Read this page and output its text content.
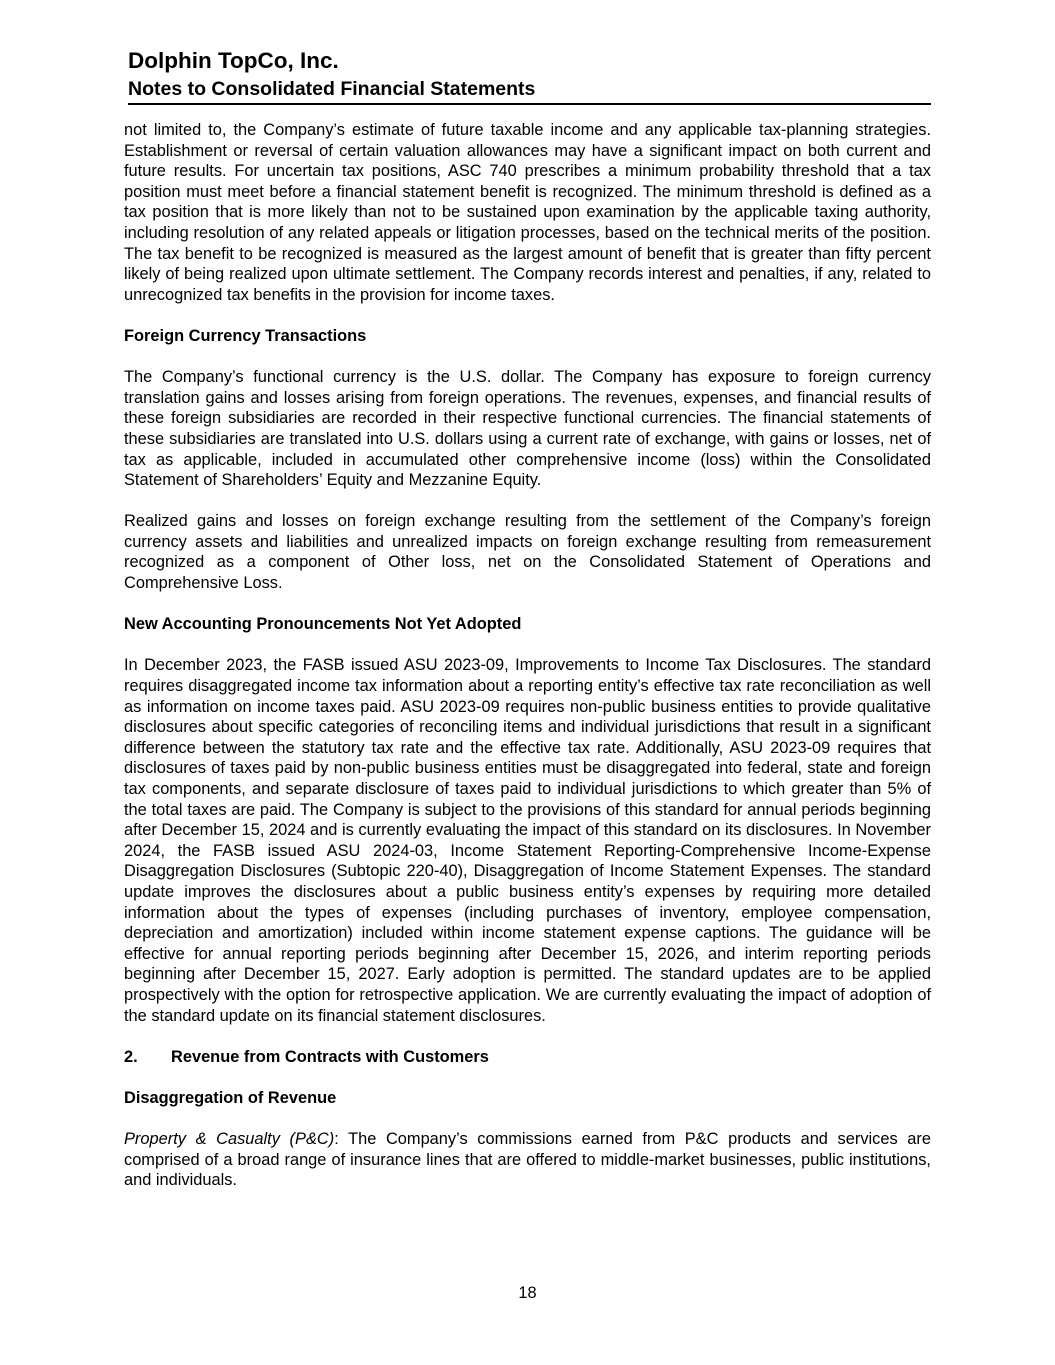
Dolphin TopCo, Inc.

Notes to Consolidated Financial Statements

not limited to, the Company’s estimate of future taxable income and any applicable tax-planning strategies. Establishment or reversal of certain valuation allowances may have a significant impact on both current and future results. For uncertain tax positions, ASC 740 prescribes a minimum probability threshold that a tax position must meet before a financial statement benefit is recognized. The minimum threshold is defined as a tax position that is more likely than not to be sustained upon examination by the applicable taxing authority, including resolution of any related appeals or litigation processes, based on the technical merits of the position. The tax benefit to be recognized is measured as the largest amount of benefit that is greater than fifty percent likely of being realized upon ultimate settlement. The Company records interest and penalties, if any, related to unrecognized tax benefits in the provision for income taxes.

Foreign Currency Transactions

The Company’s functional currency is the U.S. dollar. The Company has exposure to foreign currency translation gains and losses arising from foreign operations. The revenues, expenses, and financial results of these foreign subsidiaries are recorded in their respective functional currencies. The financial statements of these subsidiaries are translated into U.S. dollars using a current rate of exchange, with gains or losses, net of tax as applicable, included in accumulated other comprehensive income (loss) within the Consolidated Statement of Shareholders’ Equity and Mezzanine Equity.

Realized gains and losses on foreign exchange resulting from the settlement of the Company’s foreign currency assets and liabilities and unrealized impacts on foreign exchange resulting from remeasurement recognized as a component of Other loss, net on the Consolidated Statement of Operations and Comprehensive Loss.

New Accounting Pronouncements Not Yet Adopted

In December 2023, the FASB issued ASU 2023-09, Improvements to Income Tax Disclosures. The standard requires disaggregated income tax information about a reporting entity’s effective tax rate reconciliation as well as information on income taxes paid. ASU 2023-09 requires non-public business entities to provide qualitative disclosures about specific categories of reconciling items and individual jurisdictions that result in a significant difference between the statutory tax rate and the effective tax rate. Additionally, ASU 2023-09 requires that disclosures of taxes paid by non-public business entities must be disaggregated into federal, state and foreign tax components, and separate disclosure of taxes paid to individual jurisdictions to which greater than 5% of the total taxes are paid. The Company is subject to the provisions of this standard for annual periods beginning after December 15, 2024 and is currently evaluating the impact of this standard on its disclosures. In November 2024, the FASB issued ASU 2024-03, Income Statement Reporting-Comprehensive Income-Expense Disaggregation Disclosures (Subtopic 220-40), Disaggregation of Income Statement Expenses. The standard update improves the disclosures about a public business entity’s expenses by requiring more detailed information about the types of expenses (including purchases of inventory, employee compensation, depreciation and amortization) included within income statement expense captions. The guidance will be effective for annual reporting periods beginning after December 15, 2026, and interim reporting periods beginning after December 15, 2027. Early adoption is permitted. The standard updates are to be applied prospectively with the option for retrospective application. We are currently evaluating the impact of adoption of the standard update on its financial statement disclosures.

2. Revenue from Contracts with Customers

Disaggregation of Revenue

Property & Casualty (P&C): The Company’s commissions earned from P&C products and services are comprised of a broad range of insurance lines that are offered to middle-market businesses, public institutions, and individuals.

18
